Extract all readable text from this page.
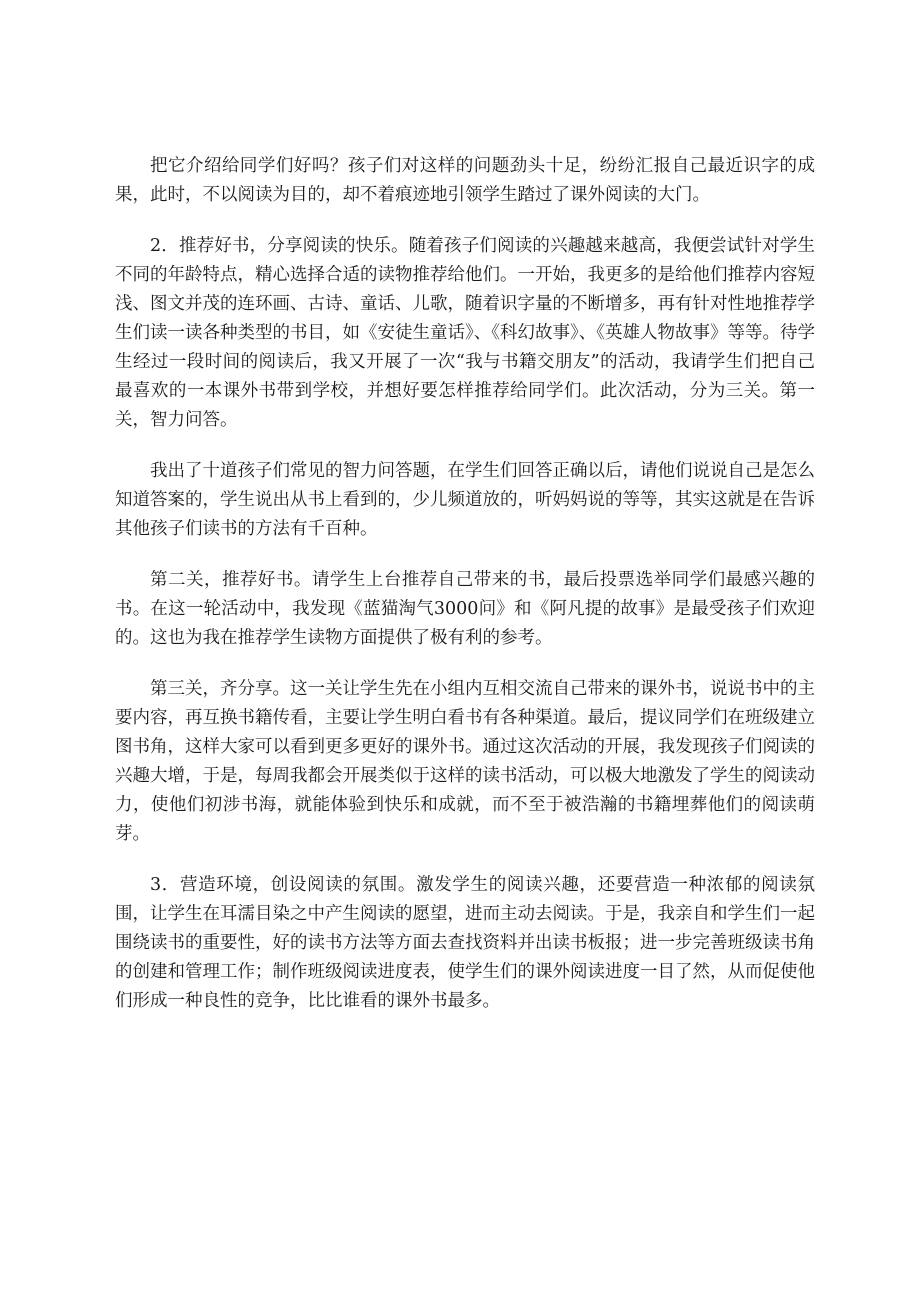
把它介绍给同学们好吗？孩子们对这样的问题劲头十足，纷纷汇报自己最近识字的成果，此时，不以阅读为目的，却不着痕迹地引领学生踏过了课外阅读的大门。

2．推荐好书，分享阅读的快乐。随着孩子们阅读的兴趣越来越高，我便尝试针对学生不同的年龄特点，精心选择合适的读物推荐给他们。一开始，我更多的是给他们推荐内容短浅、图文并茂的连环画、古诗、童话、儿歌，随着识字量的不断增多，再有针对性地推荐学生们读一读各种类型的书目，如《安徒生童话》、《科幻故事》、《英雄人物故事》等等。待学生经过一段时间的阅读后，我又开展了一次“我与书籍交朋友”的活动，我请学生们把自己最喜欢的一本课外书带到学校，并想好要怎样推荐给同学们。此次活动，分为三关。第一关，智力问答。

我出了十道孩子们常见的智力问答题，在学生们回答正确以后，请他们说说自己是怎么知道答案的，学生说出从书上看到的，少儿频道放的，听妈妈说的等等，其实这就是在告诉其他孩子们读书的方法有千百种。

第二关，推荐好书。请学生上台推荐自己带来的书，最后投票选举同学们最感兴趣的书。在这一轮活动中，我发现《蓝猫淘气3000问》和《阿凡提的故事》是最受孩子们欢迎的。这也为我在推荐学生读物方面提供了极有利的参考。

第三关，齐分享。这一关让学生先在小组内互相交流自己带来的课外书，说说书中的主要内容，再互换书籍传看，主要让学生明白看书有各种渠道。最后，提议同学们在班级建立图书角，这样大家可以看到更多更好的课外书。通过这次活动的开展，我发现孩子们阅读的兴趣大增，于是，每周我都会开展类似于这样的读书活动，可以极大地激发了学生的阅读动力，使他们初涉书海，就能体验到快乐和成就，而不至于被浩瀚的书籍埋葬他们的阅读萌芽。

3．营造环境，创设阅读的氛围。激发学生的阅读兴趣，还要营造一种浓郁的阅读氛围，让学生在耳濡目染之中产生阅读的愿望，进而主动去阅读。于是，我亲自和学生们一起围绕读书的重要性，好的读书方法等方面去查找资料并出读书板报；进一步完善班级读书角的创建和管理工作；制作班级阅读进度表，使学生们的课外阅读进度一目了然，从而促使他们形成一种良性的竞争，比比谁看的课外书最多。
